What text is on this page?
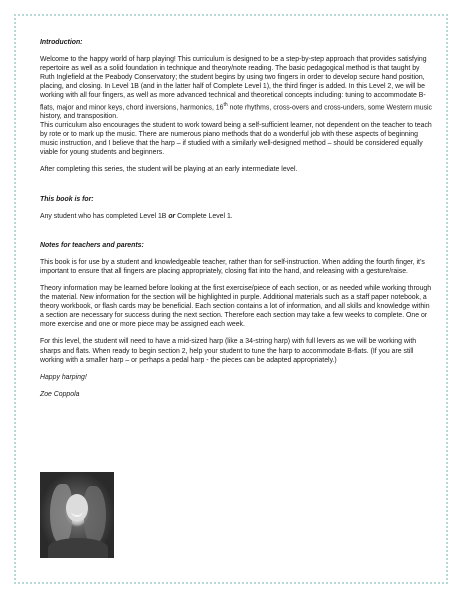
Introduction:

Welcome to the happy world of harp playing! This curriculum is designed to be a step-by-step approach that provides satisfying repertoire as well as a solid foundation in technique and theory/note reading. The basic pedagogical method is that taught by Ruth Inglefield at the Peabody Conservatory; the student begins by using two fingers in order to develop secure hand position, placing, and closing. In Level 1B (and in the latter half of Complete Level 1), the third finger is added. In this Level 2, we will be working with all four fingers, as well as more advanced technical and theoretical concepts including: tuning to accommodate B-flats, major and minor keys, chord inversions, harmonics, 16th note rhythms, cross-overs and cross-unders, some Western music history, and transposition.

This curriculum also encourages the student to work toward being a self-sufficient learner, not dependent on the teacher to teach by rote or to mark up the music. There are numerous piano methods that do a wonderful job with these aspects of beginning music instruction, and I believe that the harp – if studied with a similarly well-designed method – should be considered equally viable for young students and beginners.

After completing this series, the student will be playing at an early intermediate level.

This book is for:

Any student who has completed Level 1B or Complete Level 1.

Notes for teachers and parents:

This book is for use by a student and knowledgeable teacher, rather than for self-instruction. When adding the fourth finger, it’s important to ensure that all fingers are placing appropriately, closing flat into the hand, and releasing with a gesture/raise.

Theory information may be learned before looking at the first exercise/piece of each section, or as needed while working through the material. New information for the section will be highlighted in purple. Additional materials such as a staff paper notebook, a theory workbook, or flash cards may be beneficial. Each section contains a lot of information, and all skills and knowledge within a section are necessary for success during the next section. Therefore each section may take a few weeks to complete. One or more exercise and one or more piece may be assigned each week.

For this level, the student will need to have a mid-sized harp (like a 34-string harp) with full levers as we will be working with sharps and flats. When ready to begin section 2, help your student to tune the harp to accommodate B-flats. (If you are still working with a smaller harp – or perhaps a pedal harp - the pieces can be adapted appropriately.)

Happy harping!

Zoe Coppola
